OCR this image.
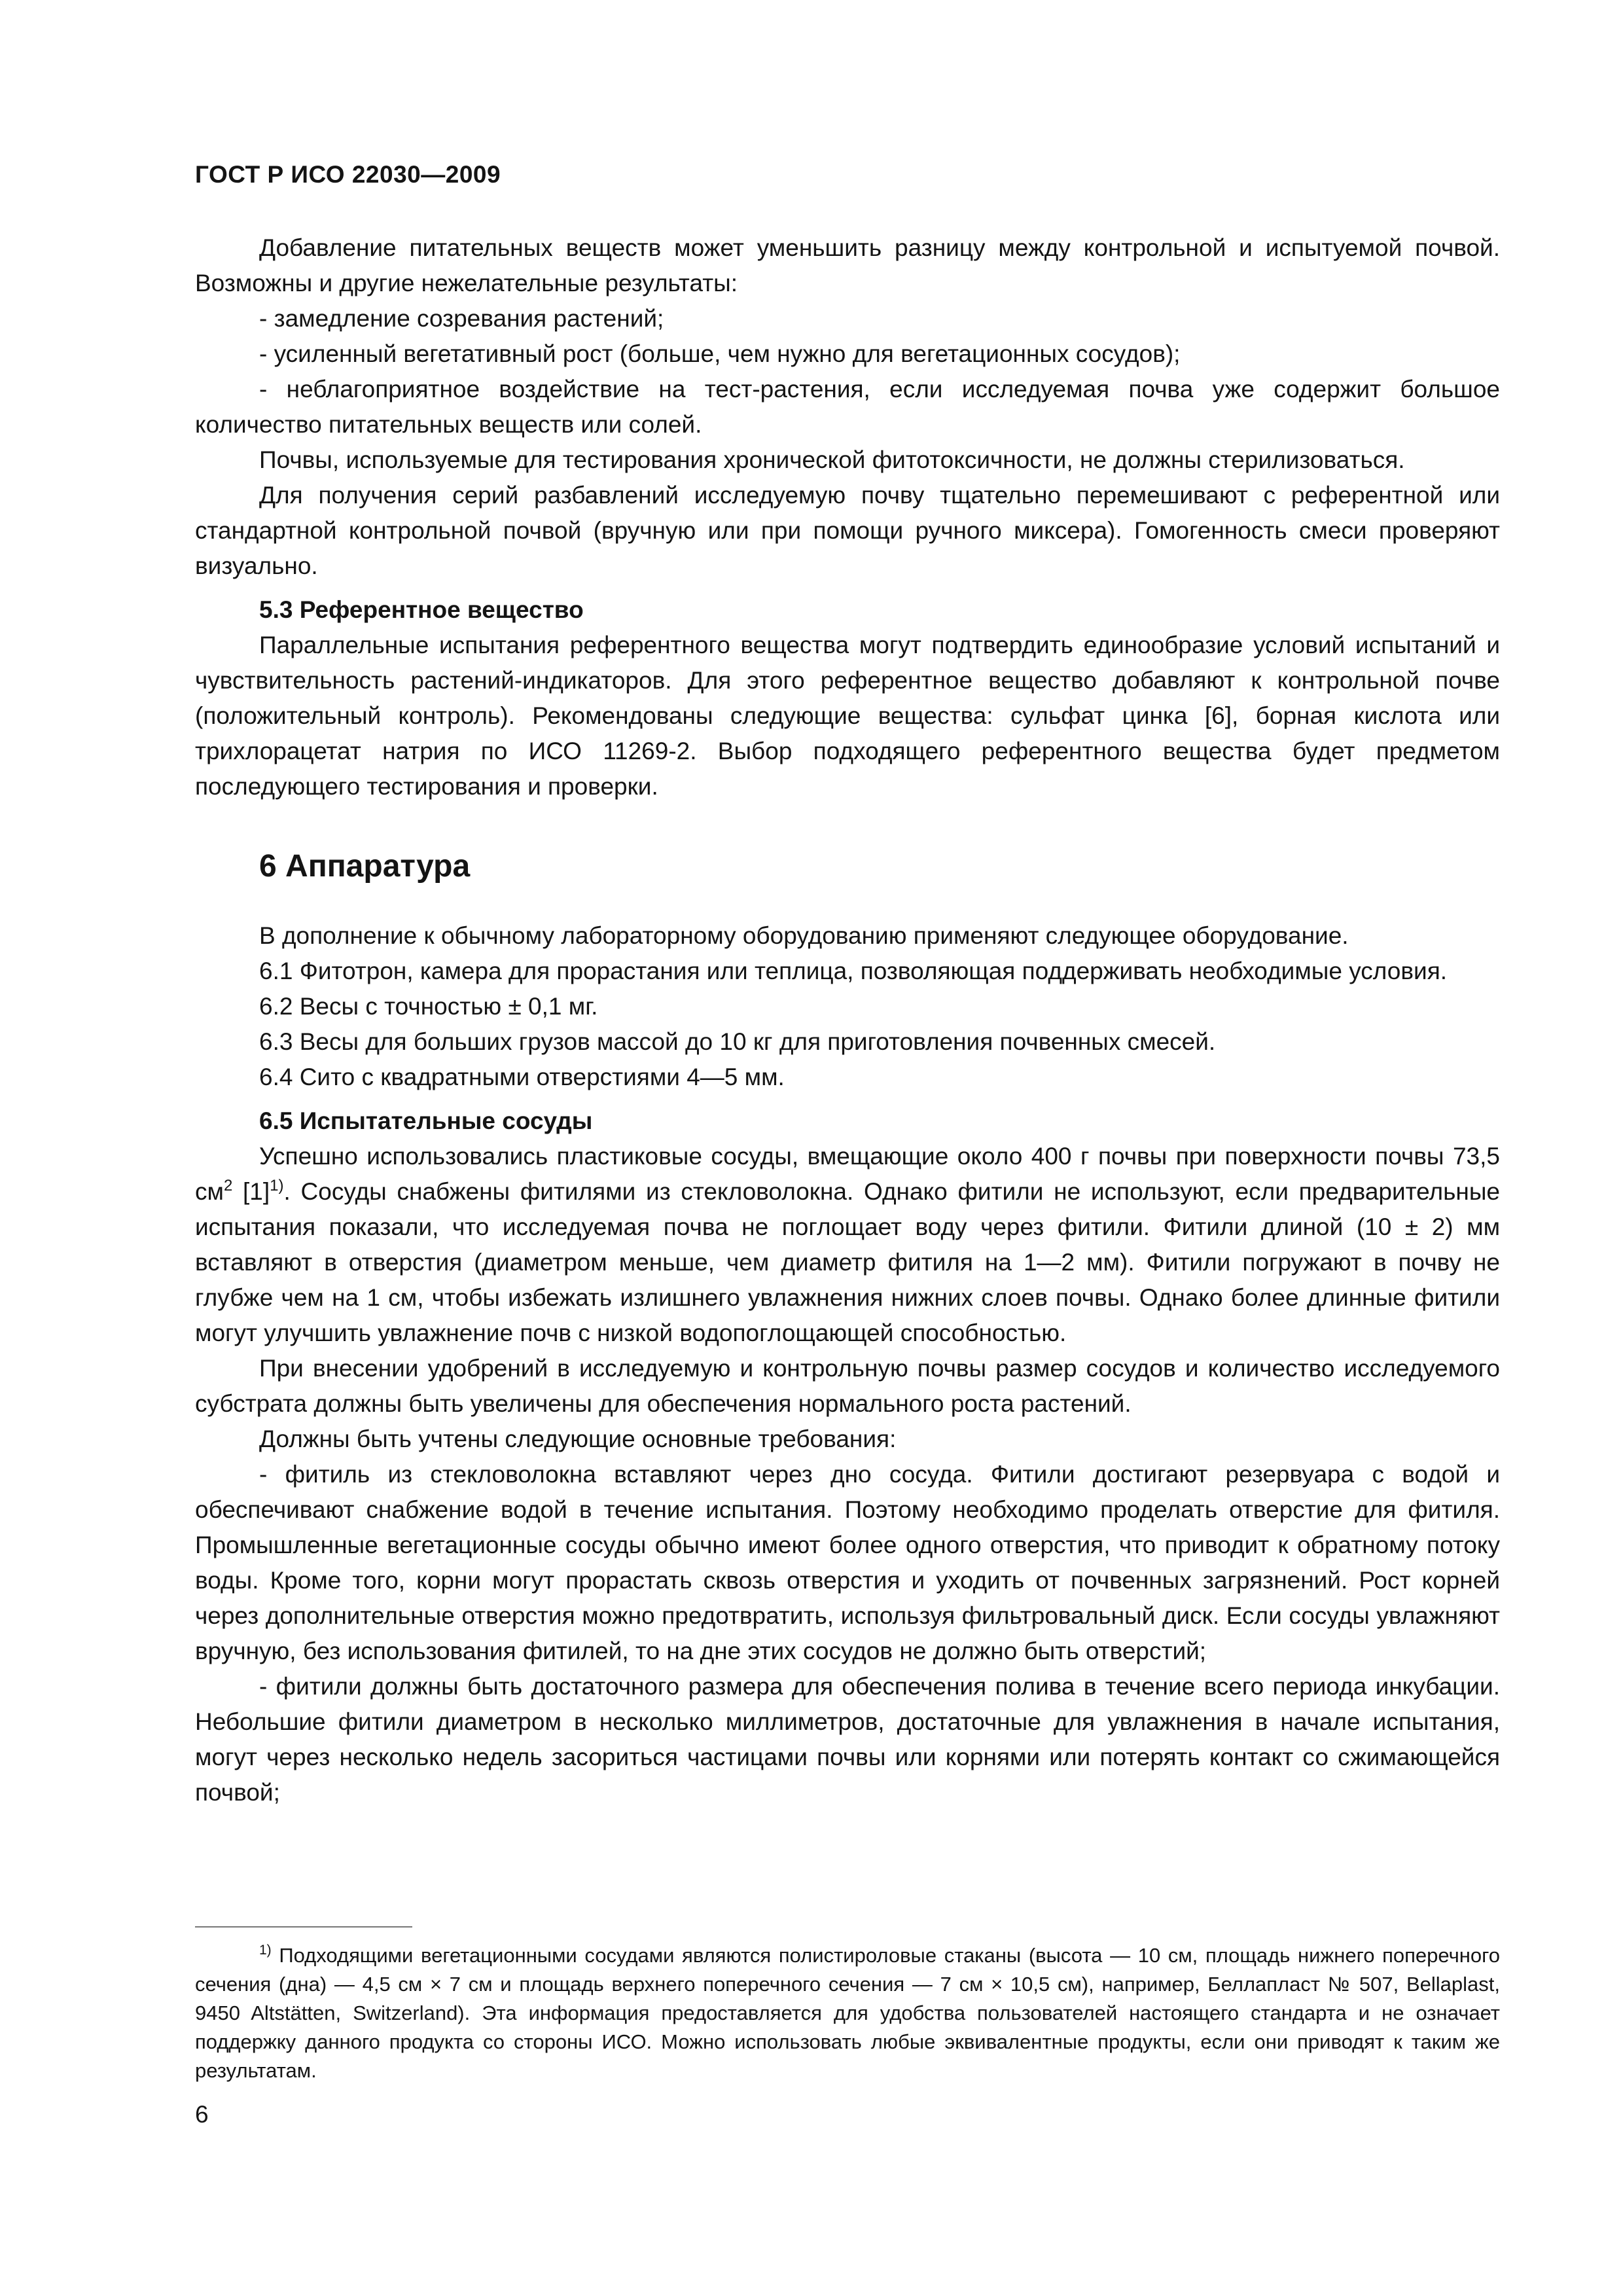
ГОСТ Р ИСО 22030—2009

Добавление питательных веществ может уменьшить разницу между контрольной и испытуемой почвой. Возможны и другие нежелательные результаты:

- замедление созревания растений;

- усиленный вегетативный рост (больше, чем нужно для вегетационных сосудов);

- неблагоприятное воздействие на тест-растения, если исследуемая почва уже содержит большое количество питательных веществ или солей.

Почвы, используемые для тестирования хронической фитотоксичности, не должны стерилизоваться.

Для получения серий разбавлений исследуемую почву тщательно перемешивают с референтной или стандартной контрольной почвой (вручную или при помощи ручного миксера). Гомогенность смеси проверяют визуально.

5.3 Референтное вещество

Параллельные испытания референтного вещества могут подтвердить единообразие условий испытаний и чувствительность растений-индикаторов. Для этого референтное вещество добавляют к контрольной почве (положительный контроль). Рекомендованы следующие вещества: сульфат цинка [6], борная кислота или трихлорацетат натрия по ИСО 11269-2. Выбор подходящего референтного вещества будет предметом последующего тестирования и проверки.

6 Аппаратура

В дополнение к обычному лабораторному оборудованию применяют следующее оборудование.

6.1 Фитотрон, камера для прорастания или теплица, позволяющая поддерживать необходимые условия.

6.2 Весы с точностью ± 0,1 мг.

6.3 Весы для больших грузов массой до 10 кг для приготовления почвенных смесей.

6.4 Сито с квадратными отверстиями 4—5 мм.

6.5 Испытательные сосуды

Успешно использовались пластиковые сосуды, вмещающие около 400 г почвы при поверхности почвы 73,5 $см^2$ $[1]^{1)}$. Сосуды снабжены фитилями из стекловолокна. Однако фитили не используют, если предварительные испытания показали, что исследуемая почва не поглощает воду через фитили. Фитили длиной (10 ± 2) мм вставляют в отверстия (диаметром меньше, чем диаметр фитиля на 1—2 мм). Фитили погружают в почву не глубже чем на 1 см, чтобы избежать излишнего увлажнения нижних слоев почвы. Однако более длинные фитили могут улучшить увлажнение почв с низкой водопоглощающей способностью.

При внесении удобрений в исследуемую и контрольную почвы размер сосудов и количество исследуемого субстрата должны быть увеличены для обеспечения нормального роста растений.

Должны быть учтены следующие основные требования:

- фитиль из стекловолокна вставляют через дно сосуда. Фитили достигают резервуара с водой и обеспечивают снабжение водой в течение испытания. Поэтому необходимо проделать отверстие для фитиля. Промышленные вегетационные сосуды обычно имеют более одного отверстия, что приводит к обратному потоку воды. Кроме того, корни могут прорастать сквозь отверстия и уходить от почвенных загрязнений. Рост корней через дополнительные отверстия можно предотвратить, используя фильтровальный диск. Если сосуды увлажняют вручную, без использования фитилей, то на дне этих сосудов не должно быть отверстий;

- фитили должны быть достаточного размера для обеспечения полива в течение всего периода инкубации. Небольшие фитили диаметром в несколько миллиметров, достаточные для увлажнения в начале испытания, могут через несколько недель засориться частицами почвы или корнями или потерять контакт со сжимающейся почвой;

$^{1)}$ Подходящими вегетационными сосудами являются полистироловые стаканы (высота — 10 см, площадь нижнего поперечного сечения (дна) — 4,5 см × 7 см и площадь верхнего поперечного сечения — 7 см × 10,5 см), например, Беллапласт № 507, Bellaplast, 9450 Altstätten, Switzerland). Эта информация предоставляется для удобства пользователей настоящего стандарта и не означает поддержку данного продукта со стороны ИСО. Можно использовать любые эквивалентные продукты, если они приводят к таким же результатам.

6
